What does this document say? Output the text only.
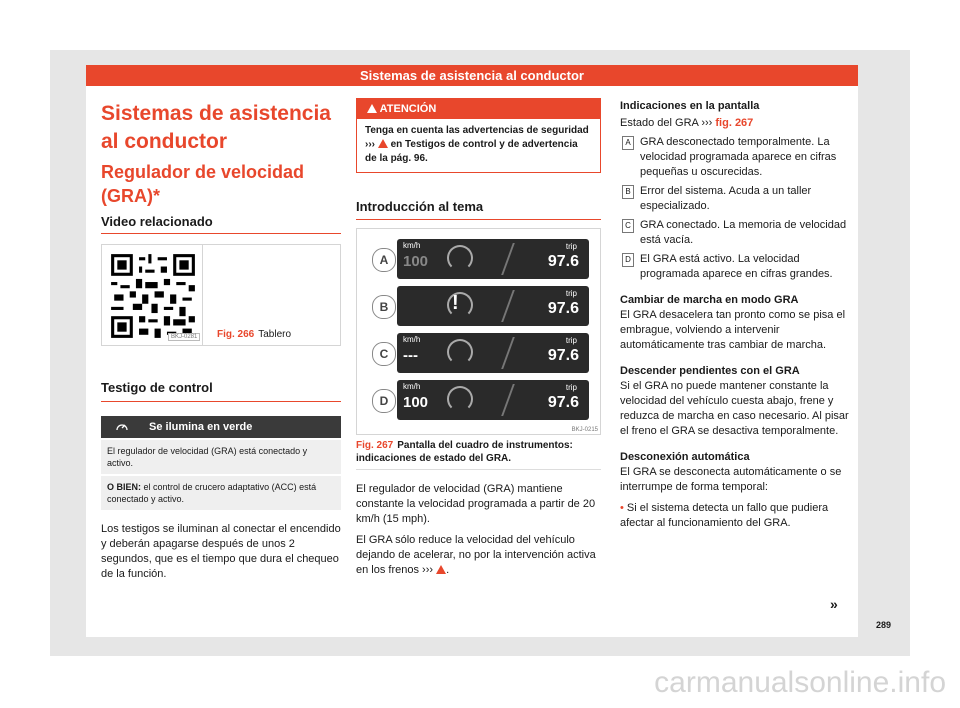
Sistemas de asistencia al conductor
Sistemas de asistencia al conductor
Regulador de velocidad (GRA)*
Video relacionado
BKJ-0281	Fig. 266 Tablero
Testigo de control
Se ilumina en verde
El regulador de velocidad (GRA) está conectado y activo.
O BIEN: el control de crucero adaptativo (ACC) está conectado y activo.

Los testigos se iluminan al conectar el encendido y deberán apagarse después de unos 2 segundos, que es el tiempo que dura el chequeo de la función.

ATENCIÓN
Tenga en cuenta las advertencias de seguridad ››› en Testigos de control y de advertencia de la pág. 96.
Introducción al tema
A
km/h
100
trip
97.6
B	!	trip
97.6
C
km/h
---
trip
97.6
D
km/h
100
trip
97.6
BKJ-0215
Fig. 267 Pantalla del cuadro de instrumentos: indicaciones de estado del GRA.

El regulador de velocidad (GRA) mantiene constante la velocidad programada a partir de 20 km/h (15 mph).

El GRA sólo reduce la velocidad del vehículo dejando de acelerar, no por la intervención activa en los frenos ››› .

Indicaciones en la pantalla
Estado del GRA ››› fig. 267
A GRA desconectado temporalmente. La velocidad programada aparece en cifras pequeñas u oscurecidas.
B Error del sistema. Acuda a un taller especializado.
C GRA conectado. La memoria de velocidad está vacía.
D El GRA está activo. La velocidad programada aparece en cifras grandes.
Cambiar de marcha en modo GRA

El GRA desacelera tan pronto como se pisa el embrague, volviendo a intervenir automáticamente tras cambiar de marcha.

Descender pendientes con el GRA

Si el GRA no puede mantener constante la velocidad del vehículo cuesta abajo, frene y reduzca de marcha en caso necesario. Al pisar el freno el GRA se desactiva temporalmente.

Desconexión automática

El GRA se desconecta automáticamente o se interrumpe de forma temporal:

• Si el sistema detecta un fallo que pudiera afectar al funcionamiento del GRA.

»
289
carmanualsonline.info
